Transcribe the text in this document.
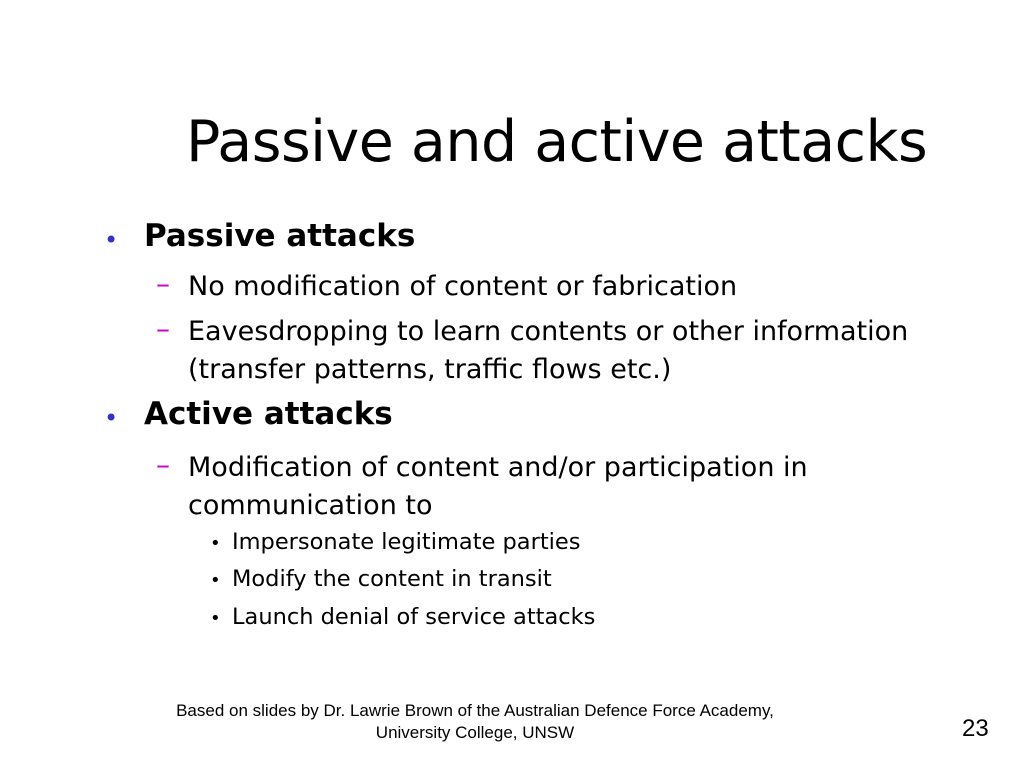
Passive and active attacks
• Passive attacks
– No modification of content or fabrication
– Eavesdropping to learn contents or other information (transfer patterns, traffic flows etc.)
• Active attacks
– Modification of content and/or participation in communication to
• Impersonate legitimate parties
• Modify the content in transit
• Launch denial of service attacks
Based on slides by Dr. Lawrie Brown of the Australian Defence Force Academy,
University College, UNSW	23
